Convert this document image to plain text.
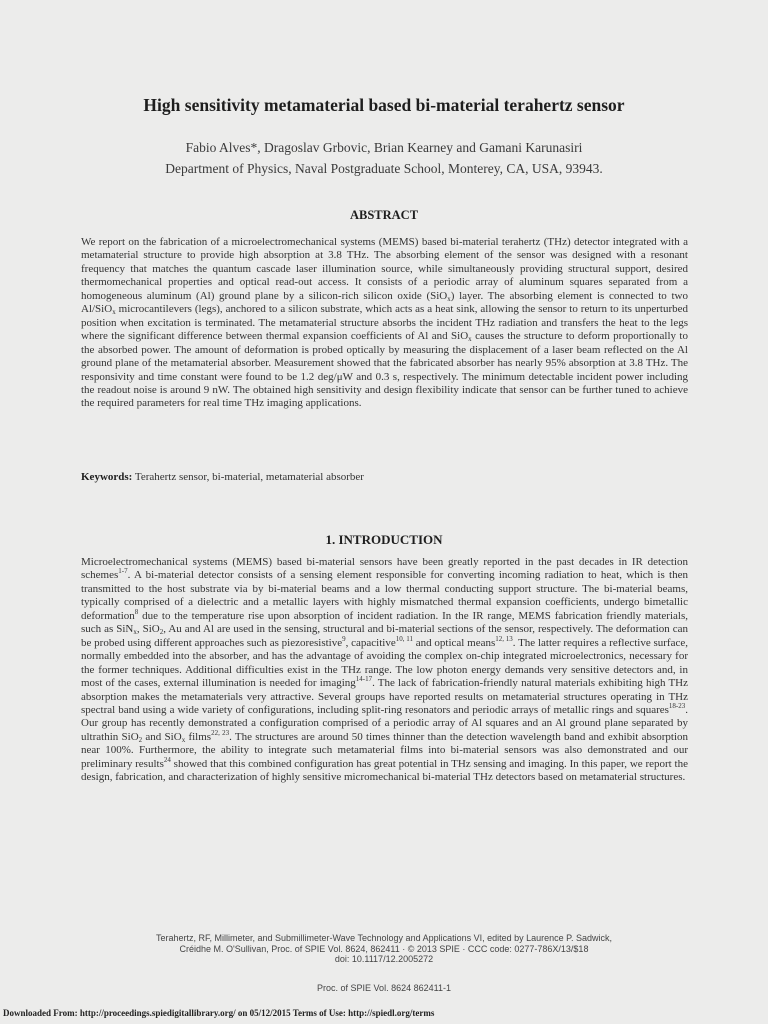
High sensitivity metamaterial based bi-material terahertz sensor
Fabio Alves*, Dragoslav Grbovic, Brian Kearney and Gamani Karunasiri
Department of Physics, Naval Postgraduate School, Monterey, CA, USA, 93943.
ABSTRACT
We report on the fabrication of a microelectromechanical systems (MEMS) based bi-material terahertz (THz) detector integrated with a metamaterial structure to provide high absorption at 3.8 THz. The absorbing element of the sensor was designed with a resonant frequency that matches the quantum cascade laser illumination source, while simultaneously providing structural support, desired thermomechanical properties and optical read-out access. It consists of a periodic array of aluminum squares separated from a homogeneous aluminum (Al) ground plane by a silicon-rich silicon oxide (SiO$_x$) layer. The absorbing element is connected to two Al/SiO$_x$ microcantilevers (legs), anchored to a silicon substrate, which acts as a heat sink, allowing the sensor to return to its unperturbed position when excitation is terminated. The metamaterial structure absorbs the incident THz radiation and transfers the heat to the legs where the significant difference between thermal expansion coefficients of Al and SiO$_x$ causes the structure to deform proportionally to the absorbed power. The amount of deformation is probed optically by measuring the displacement of a laser beam reflected on the Al ground plane of the metamaterial absorber. Measurement showed that the fabricated absorber has nearly 95% absorption at 3.8 THz. The responsivity and time constant were found to be 1.2 deg/μW and 0.3 s, respectively. The minimum detectable incident power including the readout noise is around 9 nW. The obtained high sensitivity and design flexibility indicate that sensor can be further tuned to achieve the required parameters for real time THz imaging applications.
Keywords: Terahertz sensor, bi-material, metamaterial absorber
1. INTRODUCTION
Microelectromechanical systems (MEMS) based bi-material sensors have been greatly reported in the past decades in IR detection schemes$^{1-7}$. A bi-material detector consists of a sensing element responsible for converting incoming radiation to heat, which is then transmitted to the host substrate via by bi-material beams and a low thermal conducting support structure. The bi-material beams, typically comprised of a dielectric and a metallic layers with highly mismatched thermal expansion coefficients, undergo bimetallic deformation$^8$ due to the temperature rise upon absorption of incident radiation. In the IR range, MEMS fabrication friendly materials, such as SiN$_x$, SiO$_2$, Au and Al are used in the sensing, structural and bi-material sections of the sensor, respectively. The deformation can be probed using different approaches such as piezoresistive$^9$, capacitive$^{10, 11}$ and optical means$^{12, 13}$. The latter requires a reflective surface, normally embedded into the absorber, and has the advantage of avoiding the complex on-chip integrated microelectronics, necessary for the former techniques. Additional difficulties exist in the THz range. The low photon energy demands very sensitive detectors and, in most of the cases, external illumination is needed for imaging$^{14-17}$. The lack of fabrication-friendly natural materials exhibiting high THz absorption makes the metamaterials very attractive. Several groups have reported results on metamaterial structures operating in THz spectral band using a wide variety of configurations, including split-ring resonators and periodic arrays of metallic rings and squares$^{18-23}$. Our group has recently demonstrated a configuration comprised of a periodic array of Al squares and an Al ground plane separated by ultrathin SiO$_2$ and SiO$_x$ films$^{22, 23}$. The structures are around 50 times thinner than the detection wavelength band and exhibit absorption near 100%. Furthermore, the ability to integrate such metamaterial films into bi-material sensors was also demonstrated and our preliminary results$^{24}$ showed that this combined configuration has great potential in THz sensing and imaging. In this paper, we report the design, fabrication, and characterization of highly sensitive micromechanical bi-material THz detectors based on metamaterial structures.
Terahertz, RF, Millimeter, and Submillimeter-Wave Technology and Applications VI, edited by Laurence P. Sadwick,
Créidhe M. O'Sullivan, Proc. of SPIE Vol. 8624, 862411 · © 2013 SPIE · CCC code: 0277-786X/13/$18
doi: 10.1117/12.2005272
Proc. of SPIE Vol. 8624 862411-1
Downloaded From: http://proceedings.spiedigitallibrary.org/ on 05/12/2015 Terms of Use: http://spiedl.org/terms
